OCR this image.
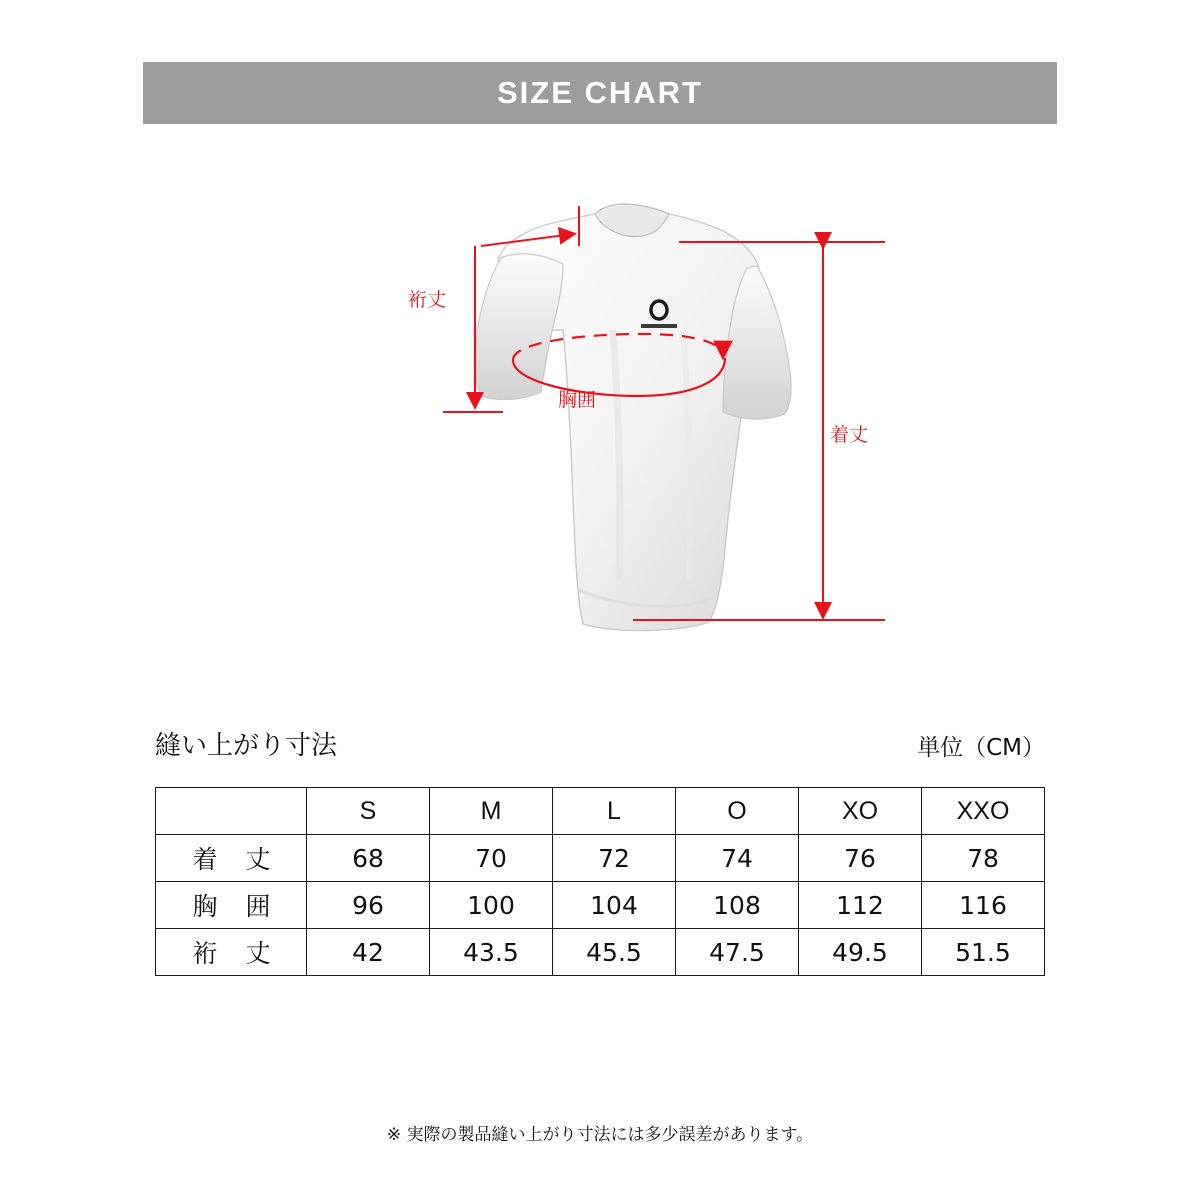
SIZE CHART
裄丈
胸囲
着丈
縫い上がり寸法	単位（CM）
	S	M	L	O	XO	XXO
着 丈	68	70	72	74	76	78
胸 囲	96	100	104	108	112	116
裄 丈	42	43.5	45.5	47.5	49.5	51.5
※ 実際の製品縫い上がり寸法には多少誤差があります。
